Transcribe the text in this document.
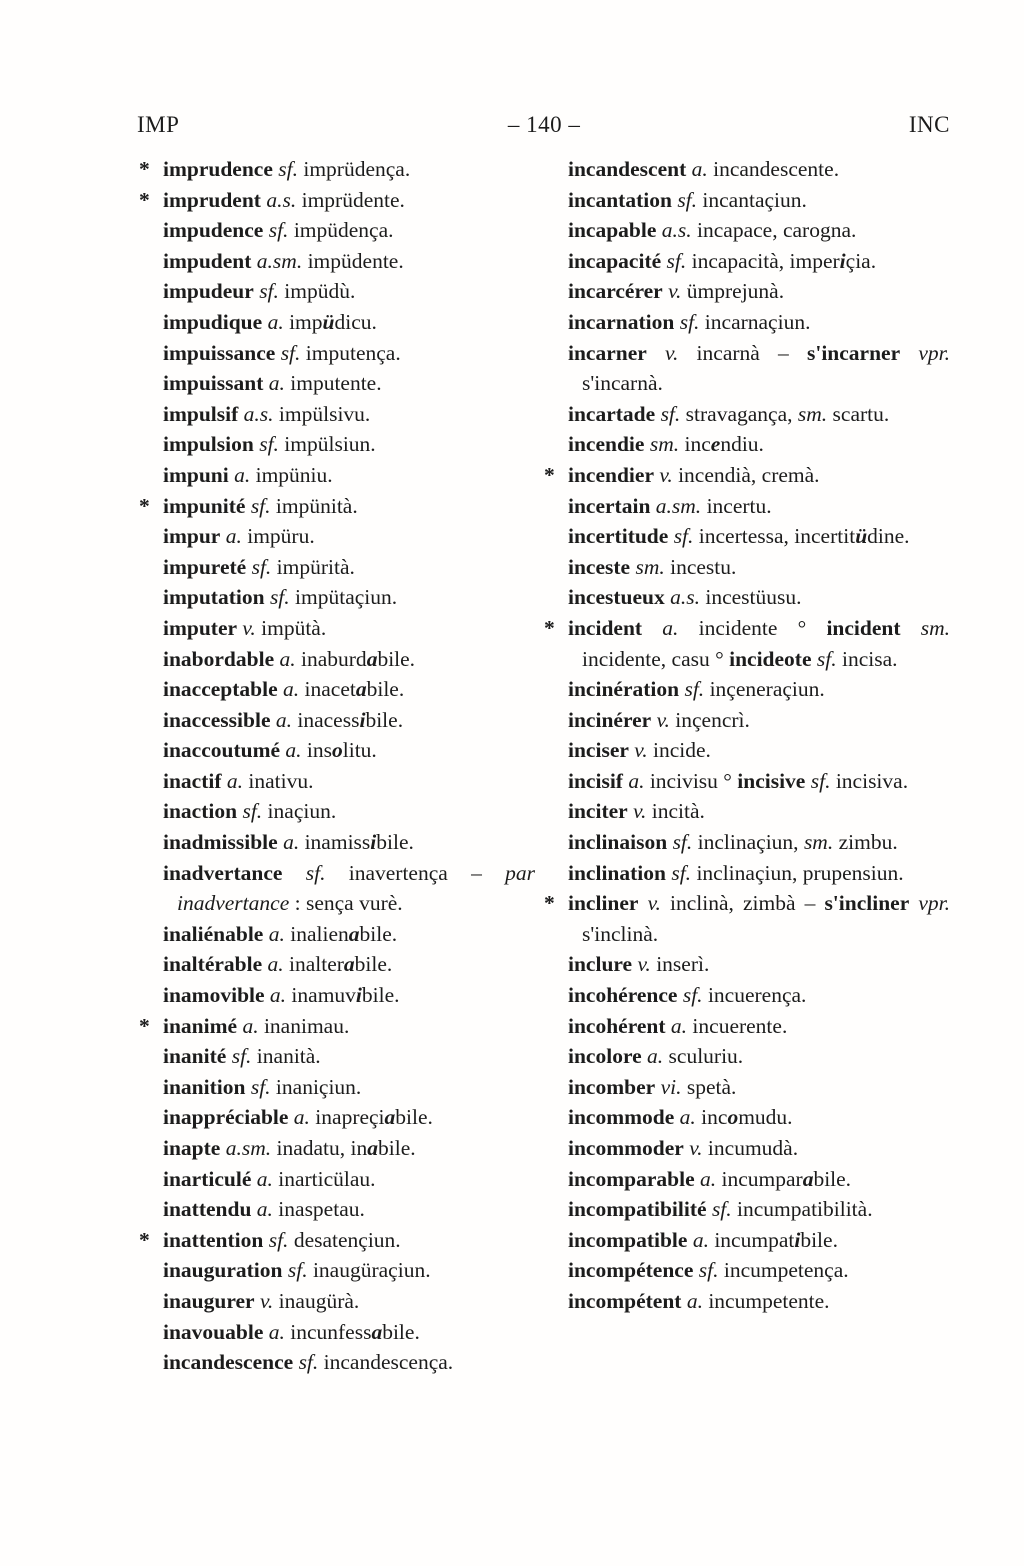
IMP	– 140 –	INC

* imprudence sf. imprüdença.

* imprudent a.s. imprüdente.

impudence sf. impüdença.

impudent a.sm. impüdente.

impudeur sf. impüdù.

impudique a. impüdicu.

impuissance sf. imputença.

impuissant a. imputente.

impulsif a.s. impülsivu.

impulsion sf. impülsiun.

impuni a. impüniu.

* impunité sf. impünità.

impur a. impüru.

impureté sf. impürità.

imputation sf. impütaçiun.

imputer v. impütà.

inabordable a. inaburdabile.

inacceptable a. inacetabile.

inaccessible a. inacessibile.

inaccoutumé a. insolitu.

inactif a. inativu.

inaction sf. inaçiun.

inadmissible a. inamissibile.

inadvertance sf. inavertença – par inadvertance : sença vurè.

inaliénable a. inalienabile.

inaltérable a. inalterabile.

inamovible a. inamuvibile.

* inanimé a. inanimau.

inanité sf. inanità.

inanition sf. inaniçiun.

inappréciable a. inapreçiabile.

inapte a.sm. inadatu, inabile.

inarticulé a. inarticülau.

inattendu a. inaspetau.

* inattention sf. desatençiun.

inauguration sf. inaugüraçiun.

inaugurer v. inaugürà.

inavouable a. incunfessabile.

incandescence sf. incandescença.

incandescent a. incandescente.

incantation sf. incantaçiun.

incapable a.s. incapace, carogna.

incapacité sf. incapacità, imperiçia.

incarcérer v. ümprejunà.

incarnation sf. incarnaçiun.

incarner v. incarnà – s'incarner vpr. s'incarnà.

incartade sf. stravagança, sm. scartu.

incendie sm. incendiu.

* incendier v. incendià, cremà.

incertain a.sm. incertu.

incertitude sf. incertessa, incertitüdine.

inceste sm. incestu.

incestueux a.s. incestüusu.

* incident a. incidente ° incident sm. incidente, casu ° incideote sf. incisa.

incinération sf. inçeneraçiun.

incinérer v. inçencrì.

inciser v. incide.

incisif a. incivisu ° incisive sf. incisiva.

inciter v. incità.

inclinaison sf. inclinaçiun, sm. zimbu.

inclination sf. inclinaçiun, prupensiun.

* incliner v. inclinà, zimbà – s'incliner vpr. s'inclinà.

inclure v. inserì.

incohérence sf. incuerença.

incohérent a. incuerente.

incolore a. sculuriu.

incomber vi. spetà.

incommode a. incomudu.

incommoder v. incumudà.

incomparable a. incumparabile.

incompatibilité sf. incumpatibilità.

incompatible a. incumpatibile.

incompétence sf. incumpetença.

incompétent a. incumpetente.
